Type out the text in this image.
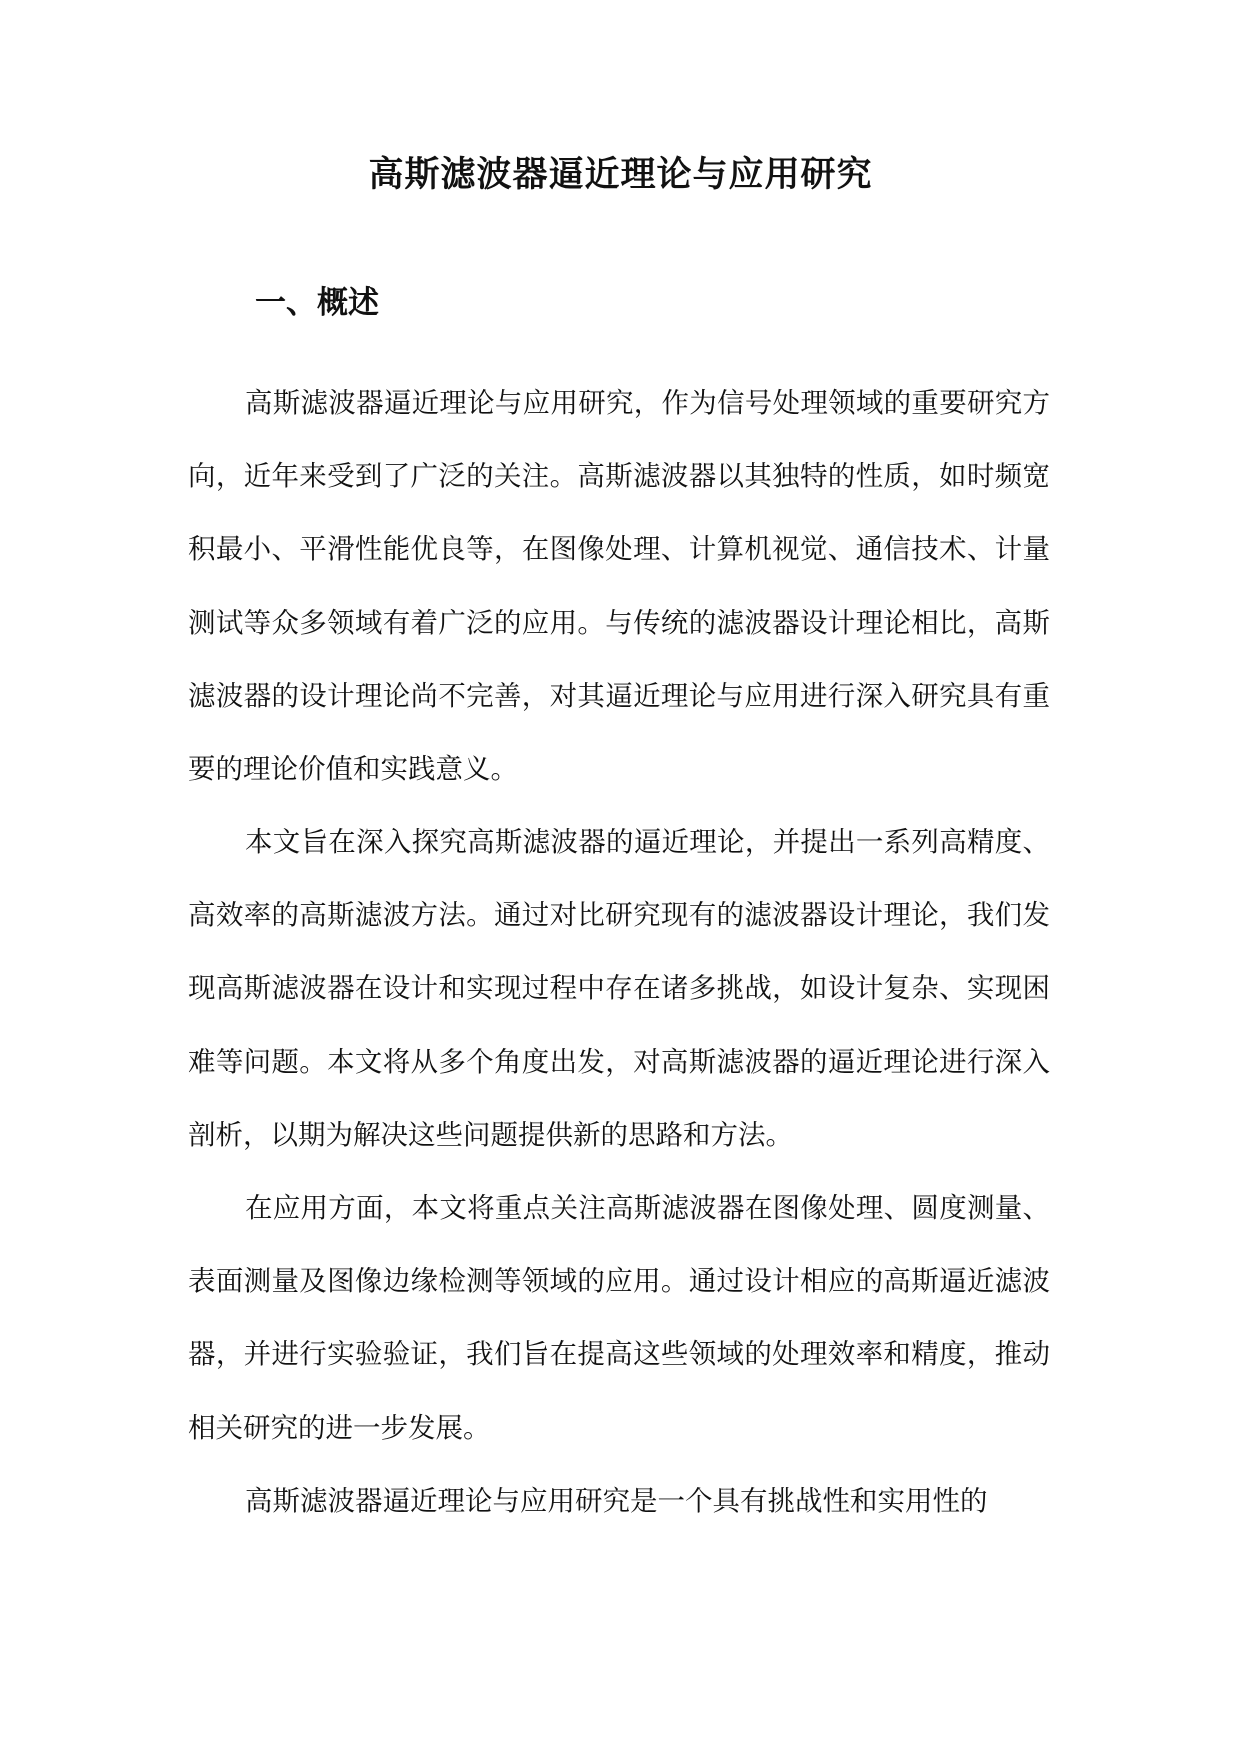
高斯滤波器逼近理论与应用研究
一、概述

高斯滤波器逼近理论与应用研究，作为信号处理领域的重要研究方向，近年来受到了广泛的关注。高斯滤波器以其独特的性质，如时频宽积最小、平滑性能优良等，在图像处理、计算机视觉、通信技术、计量测试等众多领域有着广泛的应用。与传统的滤波器设计理论相比，高斯滤波器的设计理论尚不完善，对其逼近理论与应用进行深入研究具有重要的理论价值和实践意义。

本文旨在深入探究高斯滤波器的逼近理论，并提出一系列高精度、高效率的高斯滤波方法。通过对比研究现有的滤波器设计理论，我们发现高斯滤波器在设计和实现过程中存在诸多挑战，如设计复杂、实现困难等问题。本文将从多个角度出发，对高斯滤波器的逼近理论进行深入剖析，以期为解决这些问题提供新的思路和方法。

在应用方面，本文将重点关注高斯滤波器在图像处理、圆度测量、表面测量及图像边缘检测等领域的应用。通过设计相应的高斯逼近滤波器，并进行实验验证，我们旨在提高这些领域的处理效率和精度，推动相关研究的进一步发展。

高斯滤波器逼近理论与应用研究是一个具有挑战性和实用性的
